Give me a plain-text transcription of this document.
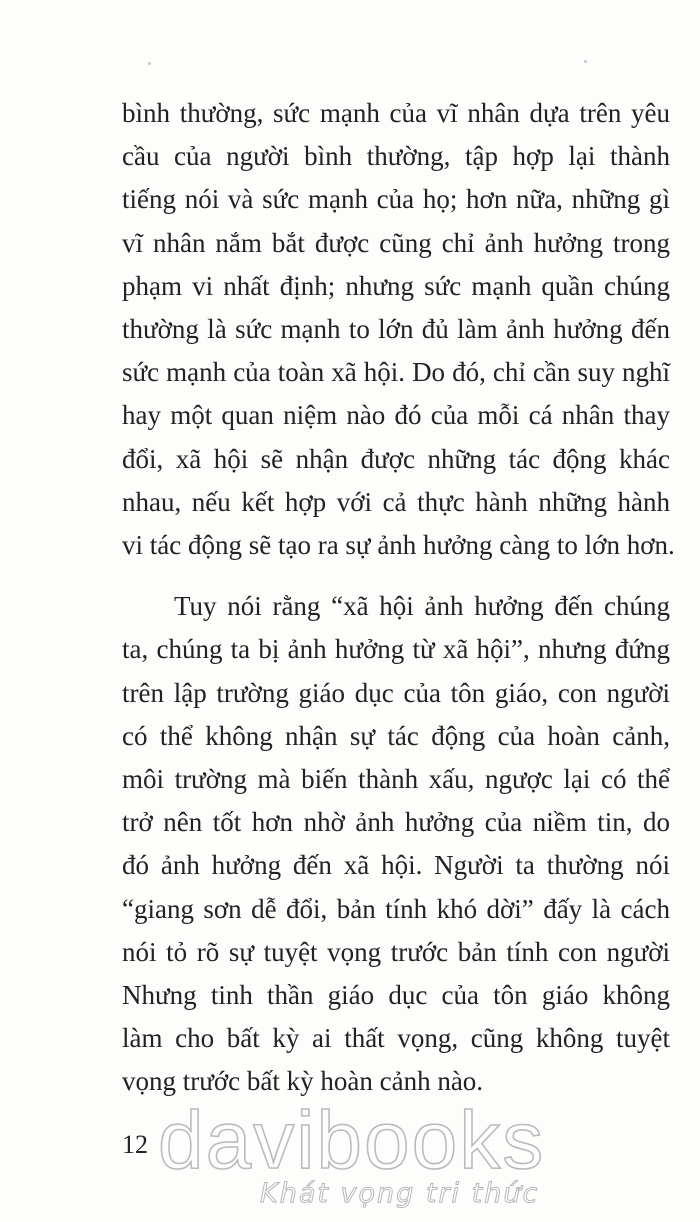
bình thường, sức mạnh của vĩ nhân dựa trên yêu
cầu của người bình thường, tập hợp lại thành
tiếng nói và sức mạnh của họ; hơn nữa, những gì
vĩ nhân nắm bắt được cũng chỉ ảnh hưởng trong
phạm vi nhất định; nhưng sức mạnh quần chúng
thường là sức mạnh to lớn đủ làm ảnh hưởng đến
sức mạnh của toàn xã hội. Do đó, chỉ cần suy nghĩ
hay một quan niệm nào đó của mỗi cá nhân thay
đổi, xã hội sẽ nhận được những tác động khác
nhau, nếu kết hợp với cả thực hành những hành
vi tác động sẽ tạo ra sự ảnh hưởng càng to lớn hơn.
Tuy nói rằng “xã hội ảnh hưởng đến chúng
ta, chúng ta bị ảnh hưởng từ xã hội”, nhưng đứng
trên lập trường giáo dục của tôn giáo, con người
có thể không nhận sự tác động của hoàn cảnh,
môi trường mà biến thành xấu, ngược lại có thể
trở nên tốt hơn nhờ ảnh hưởng của niềm tin, do
đó ảnh hưởng đến xã hội. Người ta thường nói
“giang sơn dễ đổi, bản tính khó dời” đấy là cách
nói tỏ rõ sự tuyệt vọng trước bản tính con người
Nhưng tinh thần giáo dục của tôn giáo không
làm cho bất kỳ ai thất vọng, cũng không tuyệt
vọng trước bất kỳ hoàn cảnh nào.
12 davibooks
Khát vọng tri thức
